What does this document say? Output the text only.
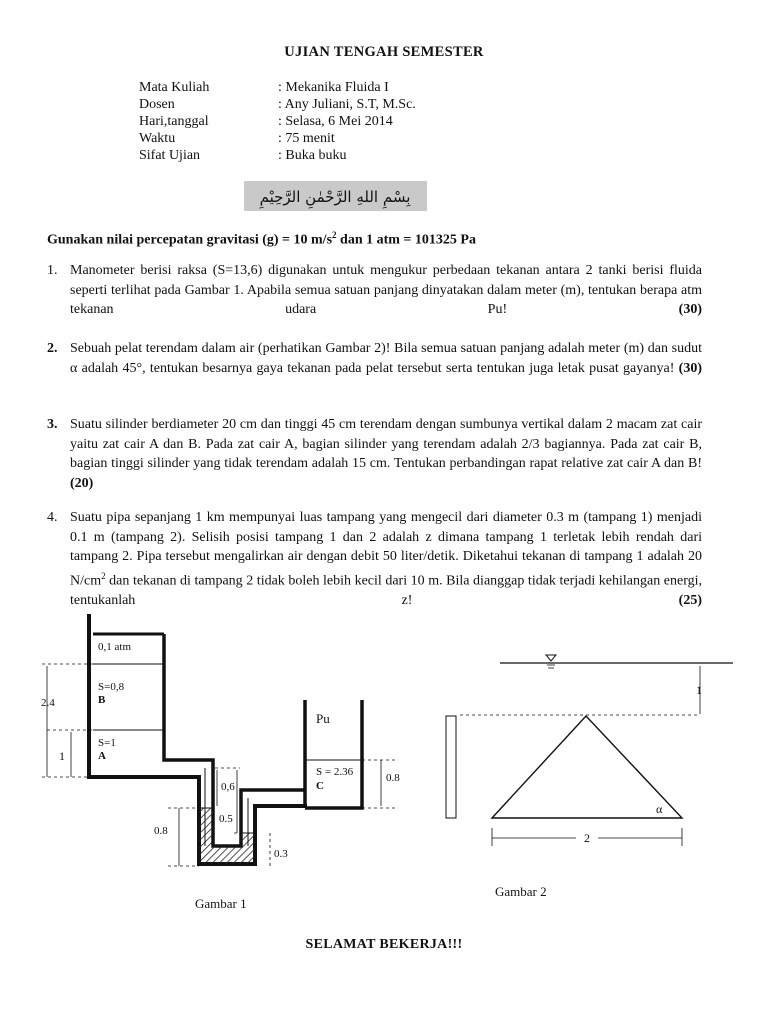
UJIAN TENGAH SEMESTER
Mata Kuliah	: Mekanika Fluida I
Dosen	: Any Juliani, S.T, M.Sc.
Hari,tanggal	: Selasa, 6 Mei 2014
Waktu	: 75 menit
Sifat Ujian	: Buka buku
بِسْمِ اللهِ الرَّحْمٰنِ الرَّحِيْمِ
Gunakan nilai percepatan gravitasi (g) = 10 $m/s^2$ dan 1 atm = 101325 Pa
1. Manometer berisi raksa (S=13,6) digunakan untuk mengukur perbedaan tekanan antara 2 tanki berisi fluida seperti terlihat pada Gambar 1. Apabila semua satuan panjang dinyatakan dalam meter (m), tentukan berapa atm tekanan udara Pu! (30)
2. Sebuah pelat terendam dalam air (perhatikan Gambar 2)! Bila semua satuan panjang adalah meter (m) dan sudut α adalah 45°, tentukan besarnya gaya tekanan pada pelat tersebut serta tentukan juga letak pusat gayanya! (30)
3. Suatu silinder berdiameter 20 cm dan tinggi 45 cm terendam dengan sumbunya vertikal dalam 2 macam zat cair yaitu zat cair A dan B. Pada zat cair A, bagian silinder yang terendam adalah 2/3 bagiannya. Pada zat cair B, bagian tinggi silinder yang tidak terendam adalah 15 cm. Tentukan perbandingan rapat relative zat cair A dan B! (20)
4. Suatu pipa sepanjang 1 km mempunyai luas tampang yang mengecil dari diameter 0.3 m (tampang 1) menjadi 0.1 m (tampang 2). Selisih posisi tampang 1 dan 2 adalah z dimana tampang 1 terletak lebih rendah dari tampang 2. Pipa tersebut mengalirkan air dengan debit 50 liter/detik. Diketahui tekanan di tampang 1 adalah 20 $N/cm^2$ dan tekanan di tampang 2 tidak boleh lebih kecil dari 10 m. Bila dianggap tidak terjadi kehilangan energi, tentukanlah z! (25)
0,1 atm
S=0,8
B
S=1
A
2.4
1
0,6
0.5
0.8
0.3
Pu
S = 2.36
C
0.8
Gambar 1
1
2
α
Gambar 2
SELAMAT BEKERJA!!!
